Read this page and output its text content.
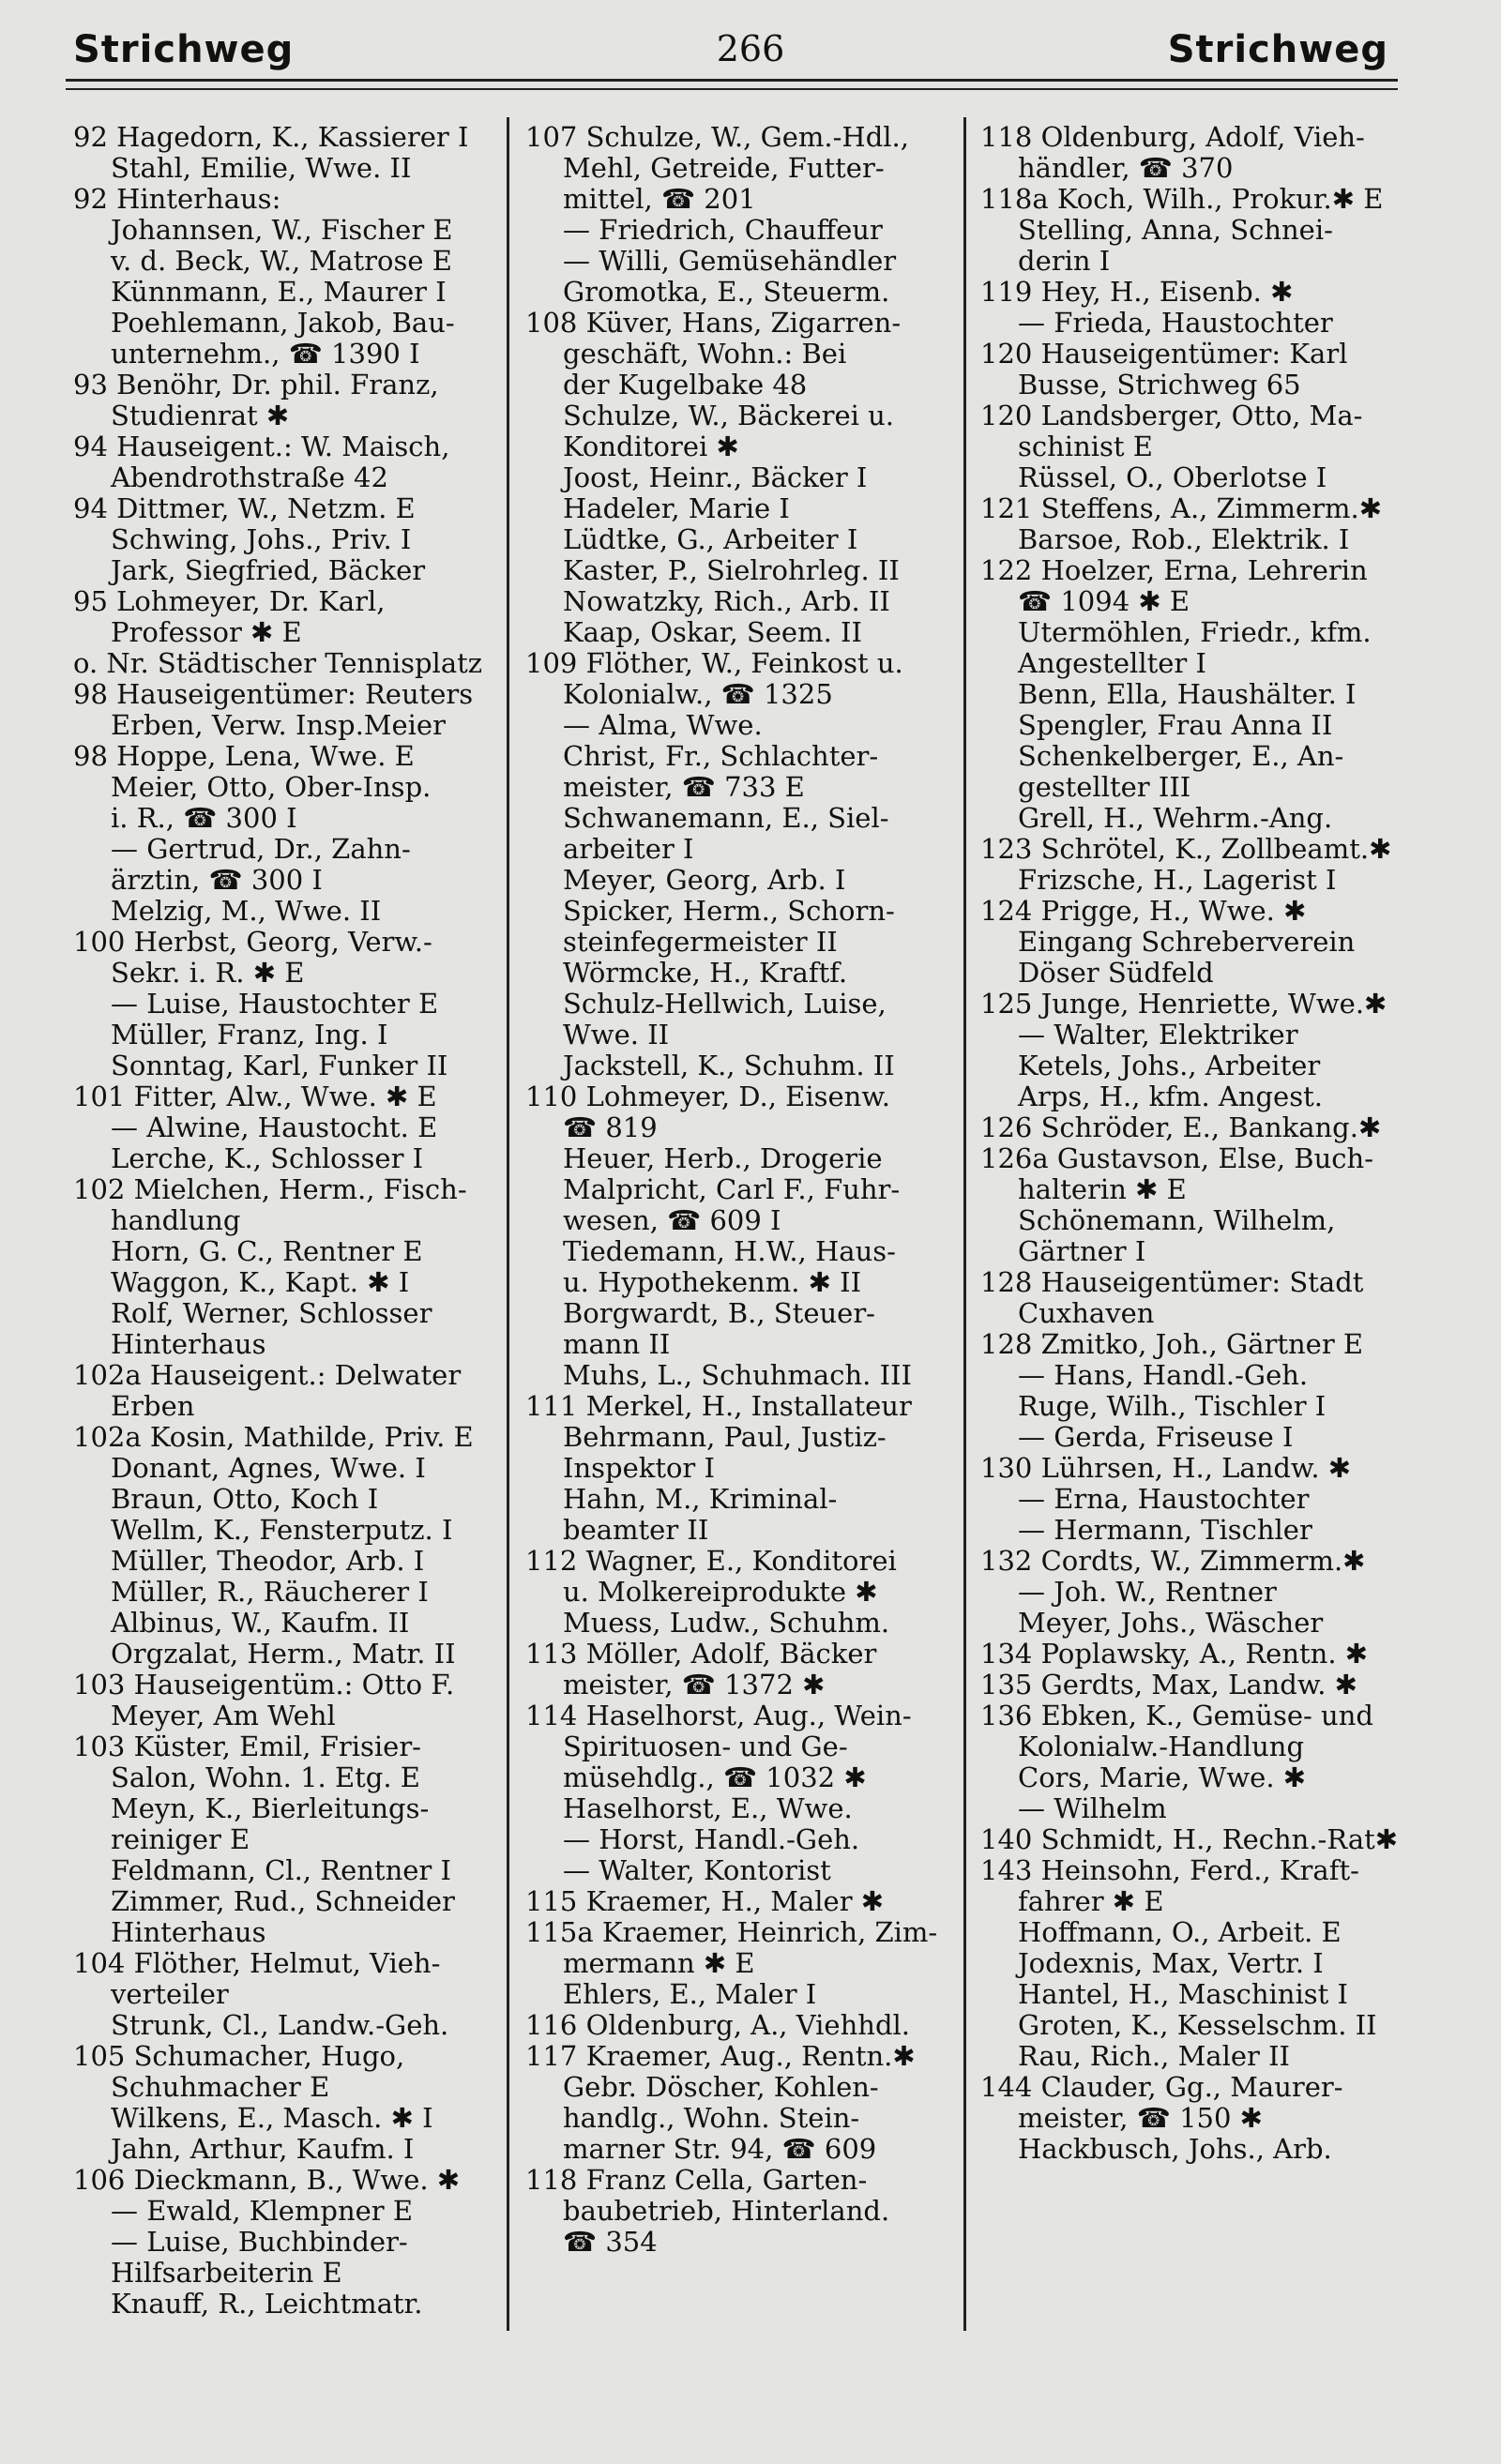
Strichweg	266	Strichweg
92 Hagedorn, K., Kassierer I
Stahl, Emilie, Wwe. II
92 Hinterhaus:
Johannsen, W., Fischer E
v. d. Beck, W., Matrose E
Künnmann, E., Maurer I
Poehlemann, Jakob, Bau-
unternehm., ☎ 1390 I
93 Benöhr, Dr. phil. Franz,
Studienrat ✱
94 Hauseigent.: W. Maisch,
Abendrothstraße 42
94 Dittmer, W., Netzm. E
Schwing, Johs., Priv. I
Jark, Siegfried, Bäcker
95 Lohmeyer, Dr. Karl,
Professor ✱ E
o. Nr. Städtischer Tennisplatz
98 Hauseigentümer: Reuters
Erben, Verw. Insp.Meier
98 Hoppe, Lena, Wwe. E
Meier, Otto, Ober-Insp.
i. R., ☎ 300 I
— Gertrud, Dr., Zahn-
ärztin, ☎ 300 I
Melzig, M., Wwe. II
100 Herbst, Georg, Verw.-
Sekr. i. R. ✱ E
— Luise, Haustochter E
Müller, Franz, Ing. I
Sonntag, Karl, Funker II
101 Fitter, Alw., Wwe. ✱ E
— Alwine, Haustocht. E
Lerche, K., Schlosser I
102 Mielchen, Herm., Fisch-
handlung
Horn, G. C., Rentner E
Waggon, K., Kapt. ✱ I
Rolf, Werner, Schlosser
Hinterhaus
102a Hauseigent.: Delwater
Erben
102a Kosin, Mathilde, Priv. E
Donant, Agnes, Wwe. I
Braun, Otto, Koch I
Wellm, K., Fensterputz. I
Müller, Theodor, Arb. I
Müller, R., Räucherer I
Albinus, W., Kaufm. II
Orgzalat, Herm., Matr. II
103 Hauseigentüm.: Otto F.
Meyer, Am Wehl
103 Küster, Emil, Frisier-
Salon, Wohn. 1. Etg. E
Meyn, K., Bierleitungs-
reiniger E
Feldmann, Cl., Rentner I
Zimmer, Rud., Schneider
Hinterhaus
104 Flöther, Helmut, Vieh-
verteiler
Strunk, Cl., Landw.-Geh.
105 Schumacher, Hugo,
Schuhmacher E
Wilkens, E., Masch. ✱ I
Jahn, Arthur, Kaufm. I
106 Dieckmann, B., Wwe. ✱
— Ewald, Klempner E
— Luise, Buchbinder-
Hilfsarbeiterin E
Knauff, R., Leichtmatr.
107 Schulze, W., Gem.-Hdl.,
Mehl, Getreide, Futter-
mittel, ☎ 201
— Friedrich, Chauffeur
— Willi, Gemüsehändler
Gromotka, E., Steuerm.
108 Küver, Hans, Zigarren-
geschäft, Wohn.: Bei
der Kugelbake 48
Schulze, W., Bäckerei u.
Konditorei ✱
Joost, Heinr., Bäcker I
Hadeler, Marie I
Lüdtke, G., Arbeiter I
Kaster, P., Sielrohrleg. II
Nowatzky, Rich., Arb. II
Kaap, Oskar, Seem. II
109 Flöther, W., Feinkost u.
Kolonialw., ☎ 1325
— Alma, Wwe.
Christ, Fr., Schlachter-
meister, ☎ 733 E
Schwanemann, E., Siel-
arbeiter I
Meyer, Georg, Arb. I
Spicker, Herm., Schorn-
steinfegermeister II
Wörmcke, H., Kraftf.
Schulz-Hellwich, Luise,
Wwe. II
Jackstell, K., Schuhm. II
110 Lohmeyer, D., Eisenw.
☎ 819
Heuer, Herb., Drogerie
Malpricht, Carl F., Fuhr-
wesen, ☎ 609 I
Tiedemann, H.W., Haus-
u. Hypothekenm. ✱ II
Borgwardt, B., Steuer-
mann II
Muhs, L., Schuhmach. III
111 Merkel, H., Installateur
Behrmann, Paul, Justiz-
Inspektor I
Hahn, M., Kriminal-
beamter II
112 Wagner, E., Konditorei
u. Molkereiprodukte ✱
Muess, Ludw., Schuhm.
113 Möller, Adolf, Bäcker
meister, ☎ 1372 ✱
114 Haselhorst, Aug., Wein-
Spirituosen- und Ge-
müsehdlg., ☎ 1032 ✱
Haselhorst, E., Wwe.
— Horst, Handl.-Geh.
— Walter, Kontorist
115 Kraemer, H., Maler ✱
115a Kraemer, Heinrich, Zim-
mermann ✱ E
Ehlers, E., Maler I
116 Oldenburg, A., Viehhdl.
117 Kraemer, Aug., Rentn.✱
Gebr. Döscher, Kohlen-
handlg., Wohn. Stein-
marner Str. 94, ☎ 609
118 Franz Cella, Garten-
baubetrieb, Hinterland.
☎ 354
118 Oldenburg, Adolf, Vieh-
händler, ☎ 370
118a Koch, Wilh., Prokur.✱ E
Stelling, Anna, Schnei-
derin I
119 Hey, H., Eisenb. ✱
— Frieda, Haustochter
120 Hauseigentümer: Karl
Busse, Strichweg 65
120 Landsberger, Otto, Ma-
schinist E
Rüssel, O., Oberlotse I
121 Steffens, A., Zimmerm.✱
Barsoe, Rob., Elektrik. I
122 Hoelzer, Erna, Lehrerin
☎ 1094 ✱ E
Utermöhlen, Friedr., kfm.
Angestellter I
Benn, Ella, Haushälter. I
Spengler, Frau Anna II
Schenkelberger, E., An-
gestellter III
Grell, H., Wehrm.-Ang.
123 Schrötel, K., Zollbeamt.✱
Frizsche, H., Lagerist I
124 Prigge, H., Wwe. ✱
Eingang Schreberverein
Döser Südfeld
125 Junge, Henriette, Wwe.✱
— Walter, Elektriker
Ketels, Johs., Arbeiter
Arps, H., kfm. Angest.
126 Schröder, E., Bankang.✱
126a Gustavson, Else, Buch-
halterin ✱ E
Schönemann, Wilhelm,
Gärtner I
128 Hauseigentümer: Stadt
Cuxhaven
128 Zmitko, Joh., Gärtner E
— Hans, Handl.-Geh.
Ruge, Wilh., Tischler I
— Gerda, Friseuse I
130 Lührsen, H., Landw. ✱
— Erna, Haustochter
— Hermann, Tischler
132 Cordts, W., Zimmerm.✱
— Joh. W., Rentner
Meyer, Johs., Wäscher
134 Poplawsky, A., Rentn. ✱
135 Gerdts, Max, Landw. ✱
136 Ebken, K., Gemüse- und
Kolonialw.-Handlung
Cors, Marie, Wwe. ✱
— Wilhelm
140 Schmidt, H., Rechn.-Rat✱
143 Heinsohn, Ferd., Kraft-
fahrer ✱ E
Hoffmann, O., Arbeit. E
Jodexnis, Max, Vertr. I
Hantel, H., Maschinist I
Groten, K., Kesselschm. II
Rau, Rich., Maler II
144 Clauder, Gg., Maurer-
meister, ☎ 150 ✱
Hackbusch, Johs., Arb.
